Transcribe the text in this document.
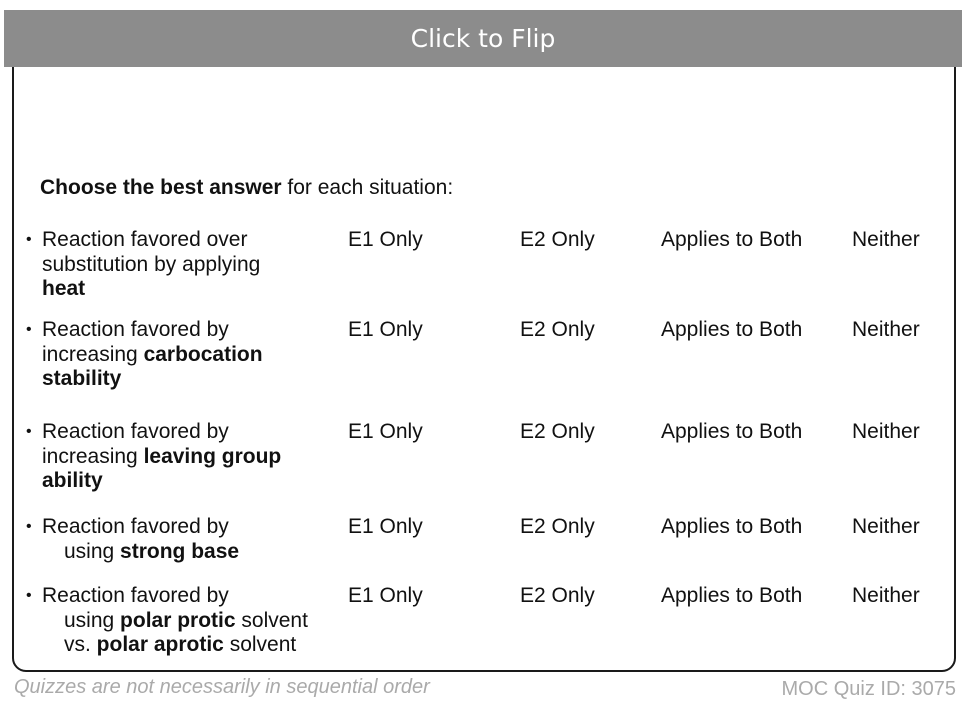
Click to Flip
Choose the best answer for each situation:
• Reaction favored over
substitution by applying
heat
E1 Only	E2 Only	Applies to Both Neither
• Reaction favored by
increasing carbocation
stability
E1 Only	E2 Only	Applies to Both Neither
• Reaction favored by
increasing leaving group
ability
E1 Only	E2 Only	Applies to Both Neither
• Reaction favored by
using strong base
E1 Only	E2 Only	Applies to Both Neither
• Reaction favored by
using polar protic solvent
vs. polar aprotic solvent
E1 Only	E2 Only	Applies to Both Neither
Quizzes are not necessarily in sequential order	MOC Quiz ID: 3075
